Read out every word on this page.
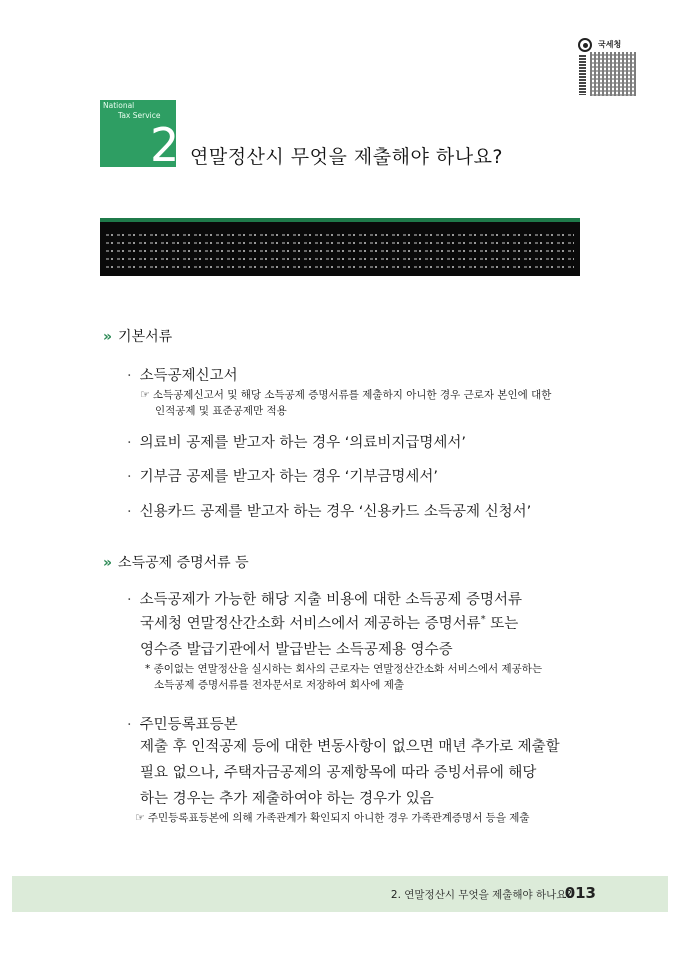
국세청
National
Tax Service
2 연말정산시 무엇을 제출해야 하나요?
» 기본서류
· 소득공제신고서
☞ 소득공제신고서 및 해당 소득공제 증명서류를 제출하지 아니한 경우 근로자 본인에 대한
인적공제 및 표준공제만 적용
· 의료비 공제를 받고자 하는 경우 ‘의료비지급명세서’
· 기부금 공제를 받고자 하는 경우 ‘기부금명세서’
· 신용카드 공제를 받고자 하는 경우 ‘신용카드 소득공제 신청서’
» 소득공제 증명서류 등
· 소득공제가 가능한 해당 지출 비용에 대한 소득공제 증명서류
국세청 연말정산간소화 서비스에서 제공하는 증명서류* 또는
영수증 발급기관에서 발급받는 소득공제용 영수증
* 종이없는 연말정산을 실시하는 회사의 근로자는 연말정산간소화 서비스에서 제공하는
소득공제 증명서류를 전자문서로 저장하여 회사에 제출
· 주민등록표등본
제출 후 인적공제 등에 대한 변동사항이 없으면 매년 추가로 제출할
필요 없으나, 주택자금공제의 공제항목에 따라 증빙서류에 해당
하는 경우는 추가 제출하여야 하는 경우가 있음
☞ 주민등록표등본에 의해 가족관계가 확인되지 아니한 경우 가족관계증명서 등을 제출
2. 연말정산시 무엇을 제출해야 하나요?
013
